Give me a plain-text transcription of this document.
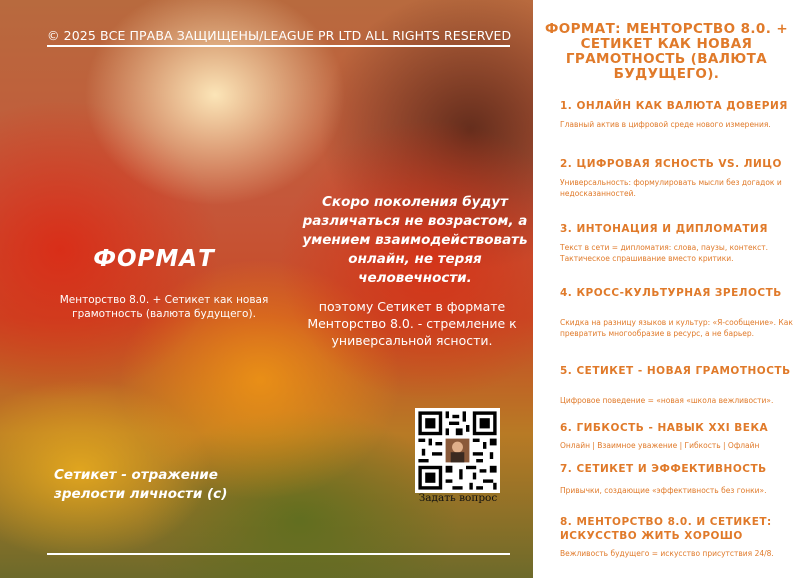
© 2025 ВСЕ ПРАВА ЗАЩИЩЕНЫ/LEAGUE PR LTD ALL RIGHTS RESERVED
ФОРМАТ
Менторство 8.0. + Сетикет как новая грамотность (валюта будущего).
Скоро поколения будут различаться не возрастом, а умением взаимодействовать онлайн, не теряя человечности.
поэтому Сетикет в формате Менторство 8.0. - стремление к универсальной ясности.
Сетикет - отражение зрелости личности (c)	Задать вопрос
ФОРМАТ: МЕНТОРСТВО 8.0. + СЕТИКЕТ КАК НОВАЯ ГРАМОТНОСТЬ (ВАЛЮТА БУДУЩЕГО).
1. ОНЛАЙН КАК ВАЛЮТА ДОВЕРИЯ
Главный актив в цифровой среде нового измерения.
2. ЦИФРОВАЯ ЯСНОСТЬ VS. ЛИЦО
Универсальность: формулировать мысли без догадок и недосказанностей.
3. ИНТОНАЦИЯ И ДИПЛОМАТИЯ
Текст в сети = дипломатия: слова, паузы, контекст. Тактическое спрашивание вместо критики.
4. КРОСС-КУЛЬТУРНАЯ ЗРЕЛОСТЬ
Скидка на разницу языков и культур: «Я-сообщение». Как превратить многообразие в ресурс, а не барьер.
5. СЕТИКЕТ - НОВАЯ ГРАМОТНОСТЬ
Цифровое поведение = «новая «школа вежливости».
6. ГИБКОСТЬ - НАВЫК XXI ВЕКА
Онлайн | Взаимное уважение | Гибкость | Офлайн
7. СЕТИКЕТ И ЭФФЕКТИВНОСТЬ
Привычки, создающие «эффективность без гонки».
8. МЕНТОРСТВО 8.0. И СЕТИКЕТ: ИСКУССТВО ЖИТЬ ХОРОШО
Вежливость будущего = искусство присутствия 24/8.
